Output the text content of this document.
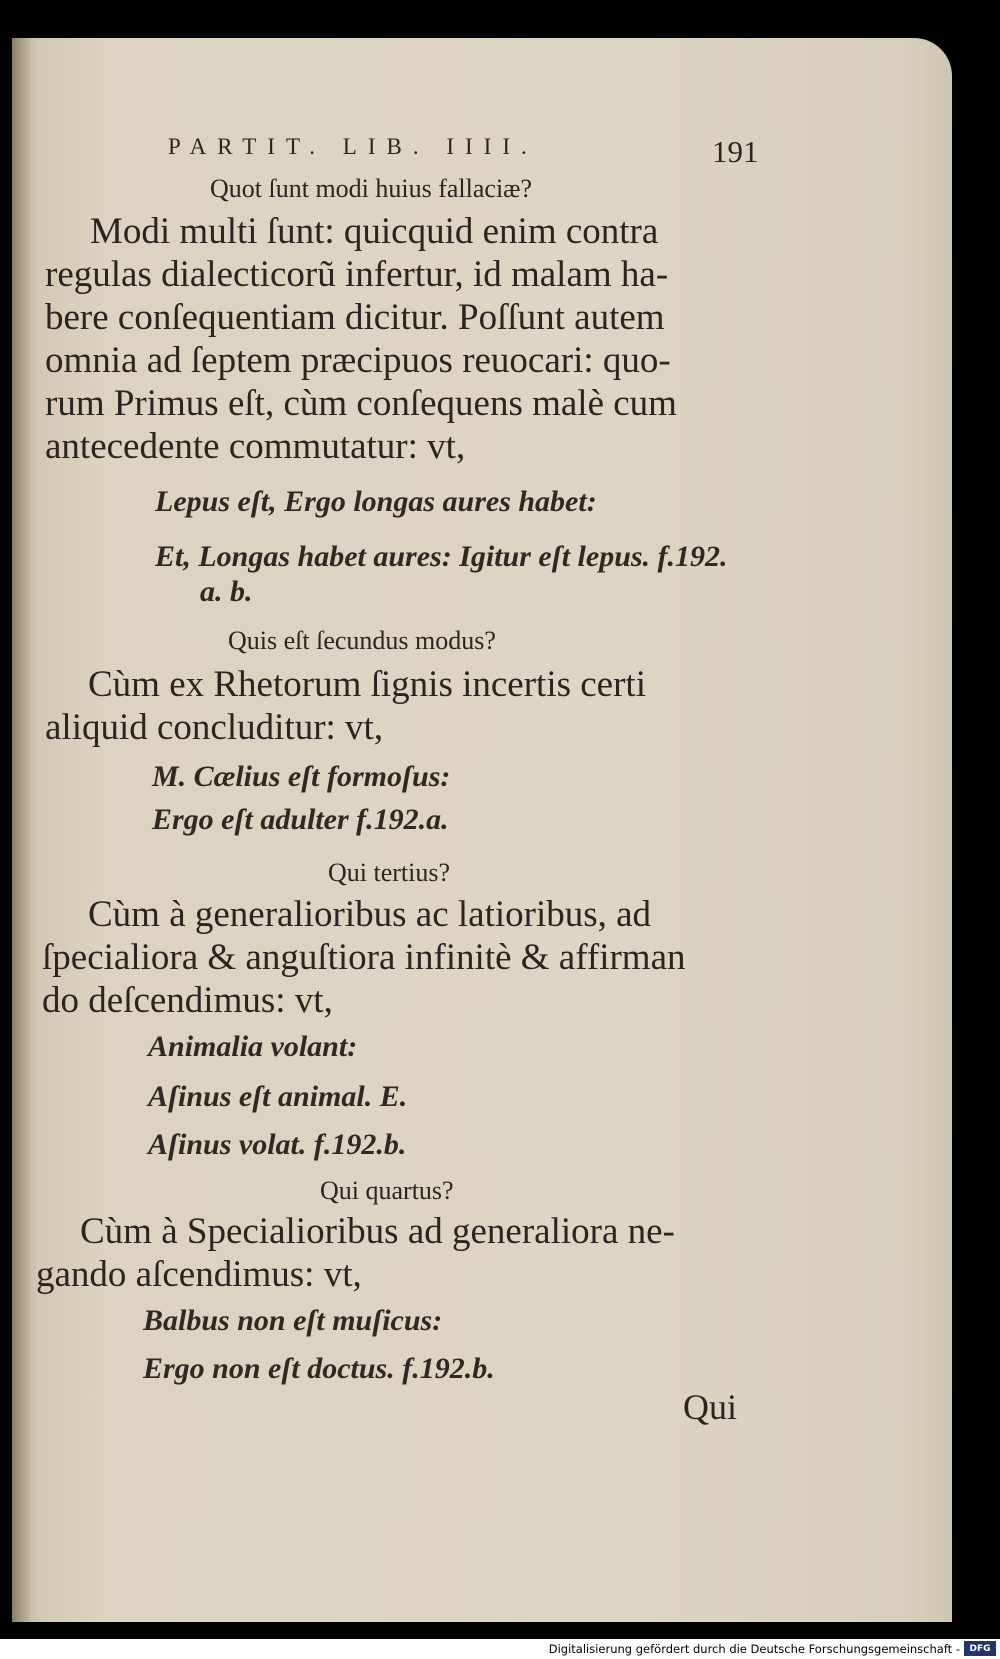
PARTIT. LIB. IIII.	191
Quot ſunt modi huius fallaciæ?
Modi multi ſunt: quicquid enim contra
regulas dialecticorũ infertur, id malam ha-
bere conſequentiam dicitur. Poſſunt autem
omnia ad ſeptem præcipuos reuocari: quo-
rum Primus eſt, cùm conſequens malè cum
antecedente commutatur: vt,
Lepus eſt, Ergo longas aures habet:
Et, Longas habet aures: Igitur eſt lepus. f.192.
a. b.
Quis eſt ſecundus modus?
Cùm ex Rhetorum ſignis incertis certi
aliquid concluditur: vt,
M. Cælius eſt formoſus:
Ergo eſt adulter f.192.a.
Qui tertius?
Cùm à generalioribus ac latioribus, ad
ſpecialiora & anguſtiora infinitè & affirman
do deſcendimus: vt,
Animalia volant:
Aſinus eſt animal. E.
Aſinus volat. f.192.b.
Qui quartus?
Cùm à Specialioribus ad generaliora ne-
gando aſcendimus: vt,
Balbus non eſt muſicus:
Ergo non eſt doctus. f.192.b.
Qui
Digitalisierung gefördert durch die Deutsche Forschungsgemeinschaft -	DFG
